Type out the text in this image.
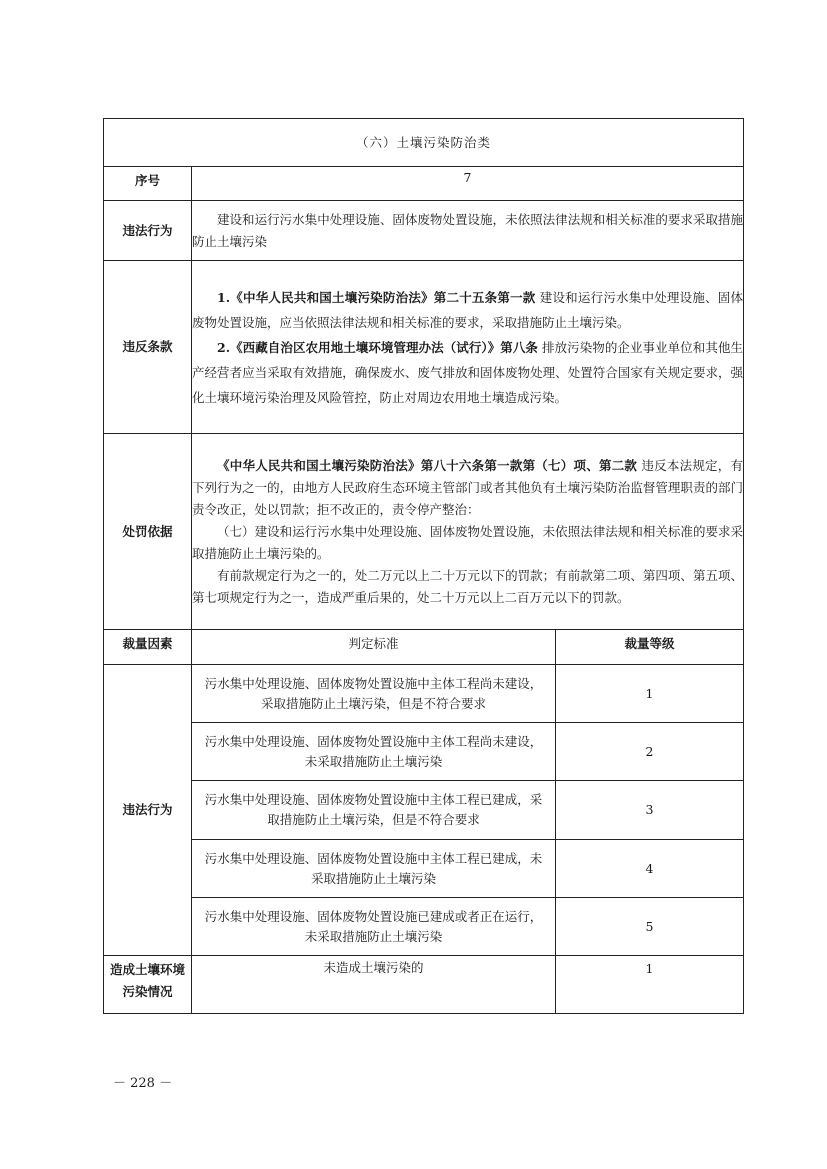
（六）土壤污染防治类		
序号	7	
违法行为	建设和运行污水集中处理设施、固体废物处置设施，未依照法律法规和相关标准的要求采取措施防止土壤污染	

违反条款	1.《中华人民共和国土壤污染防治法》第二十五条第一款 建设和运行污水集中处理设施、固体废物处置设施，应当依照法律法规和相关标准的要求，采取措施防止土壤污染。

2.《西藏自治区农用地土壤环境管理办法（试行）》第八条 排放污染物的企业事业单位和其他生产经营者应当采取有效措施，确保废水、废气排放和固体废物处理、处置符合国家有关规定要求，强化土壤环境污染治理及风险管控，防止对周边农用地土壤造成污染。	

处罚依据	《中华人民共和国土壤污染防治法》第八十六条第一款第（七）项、第二款 违反本法规定，有下列行为之一的，由地方人民政府生态环境主管部门或者其他负有土壤污染防治监督管理职责的部门责令改正，处以罚款；拒不改正的，责令停产整治：

（七）建设和运行污水集中处理设施、固体废物处置设施，未依照法律法规和相关标准的要求采取措施防止土壤污染的。

有前款规定行为之一的，处二万元以上二十万元以下的罚款；有前款第二项、第四项、第五项、第七项规定行为之一，造成严重后果的，处二十万元以上二百万元以下的罚款。	

裁量因素	判定标准	裁量等级
违法行为	污水集中处理设施、固体废物处置设施中主体工程尚未建设，采取措施防止土壤污染，但是不符合要求	1
	污水集中处理设施、固体废物处置设施中主体工程尚未建设，未采取措施防止土壤污染	2
	污水集中处理设施、固体废物处置设施中主体工程已建成，采取措施防止土壤污染，但是不符合要求	3
	污水集中处理设施、固体废物处置设施中主体工程已建成，未采取措施防止土壤污染	4
	污水集中处理设施、固体废物处置设施已建成或者正在运行，未采取措施防止土壤污染	5
造成土壤环境污染情况	未造成土壤污染的	1
－ 228 －
